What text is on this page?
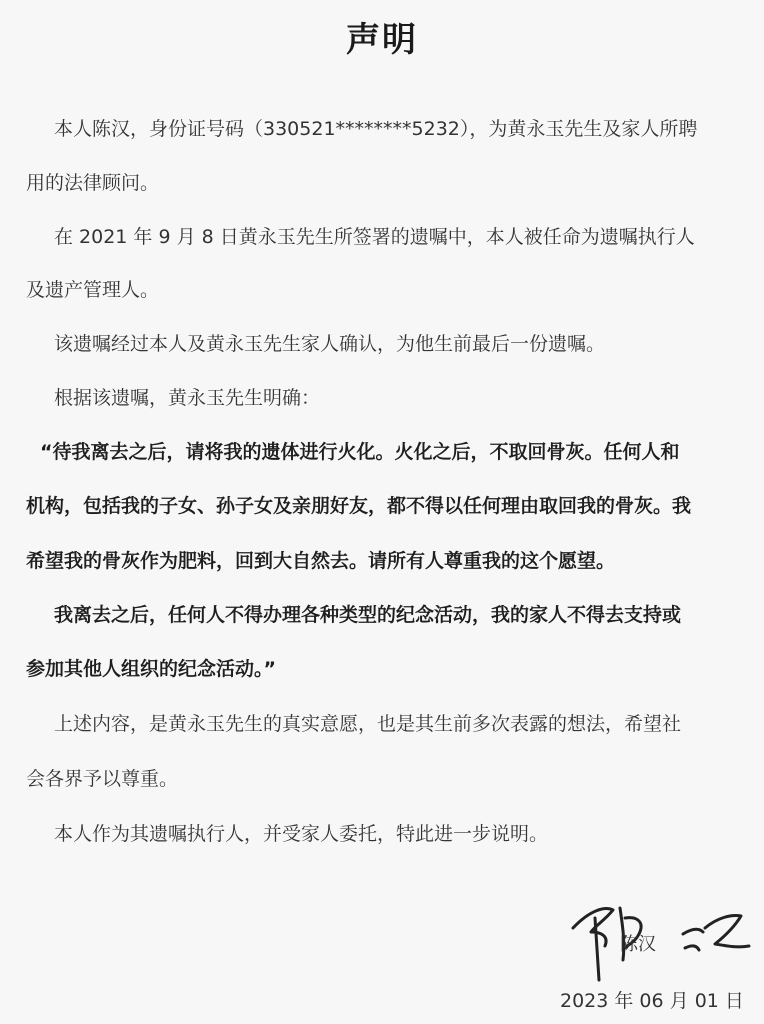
声明
本人陈汉，身份证号码（330521********5232），为黄永玉先生及家人所聘
用的法律顾问。
在 2021 年 9 月 8 日黄永玉先生所签署的遗嘱中，本人被任命为遗嘱执行人
及遗产管理人。
该遗嘱经过本人及黄永玉先生家人确认，为他生前最后一份遗嘱。
根据该遗嘱，黄永玉先生明确：
“待我离去之后，请将我的遗体进行火化。火化之后，不取回骨灰。任何人和
机构，包括我的子女、孙子女及亲朋好友，都不得以任何理由取回我的骨灰。我
希望我的骨灰作为肥料，回到大自然去。请所有人尊重我的这个愿望。
我离去之后，任何人不得办理各种类型的纪念活动，我的家人不得去支持或
参加其他人组织的纪念活动。”
上述内容，是黄永玉先生的真实意愿，也是其生前多次表露的想法，希望社
会各界予以尊重。
本人作为其遗嘱执行人，并受家人委托，特此进一步说明。
陈汉
2023 年 06 月 01 日
